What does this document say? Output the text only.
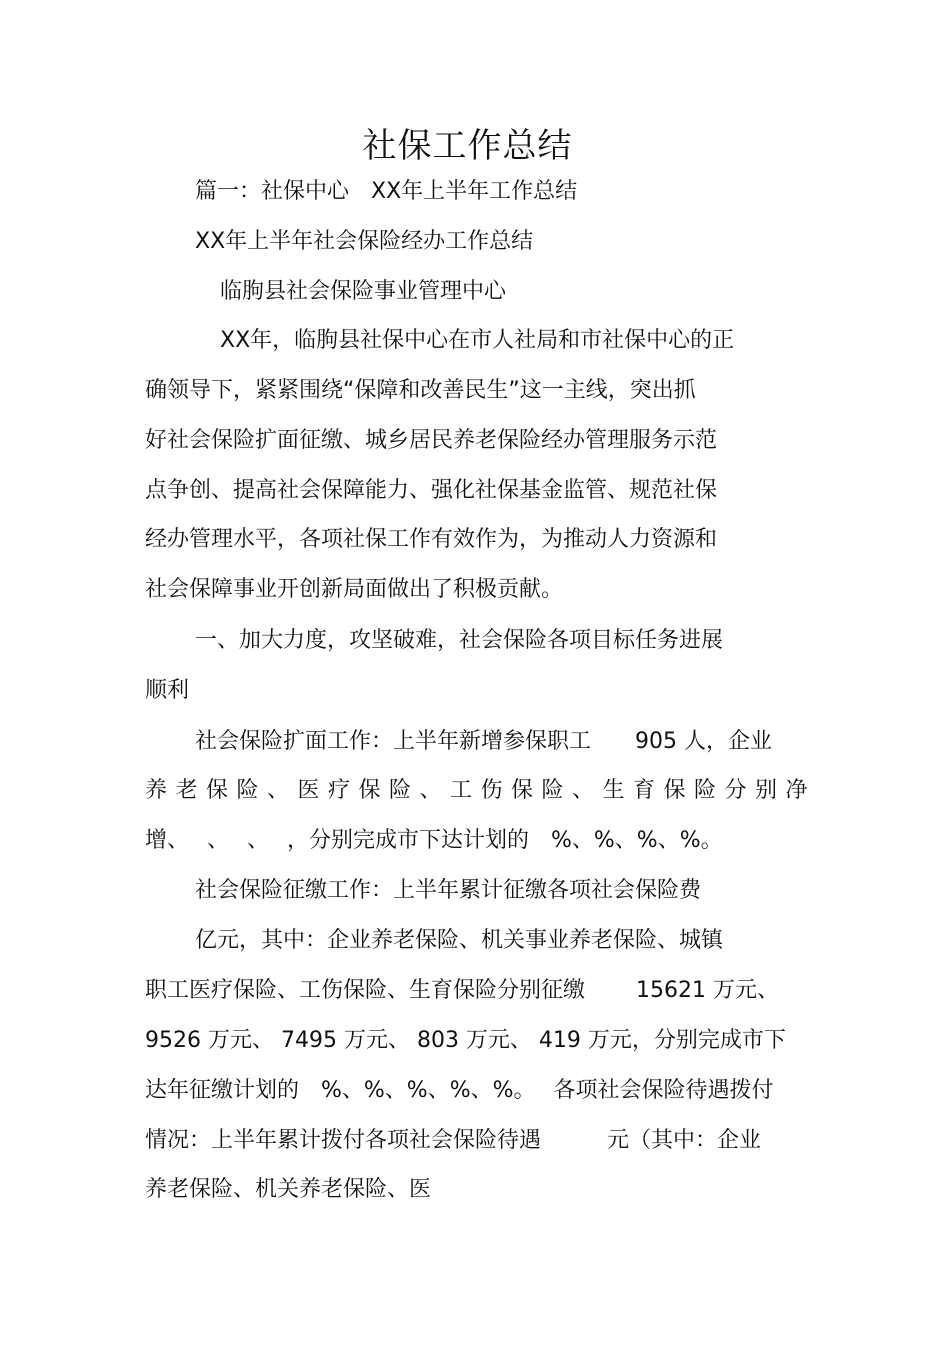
社保工作总结
篇一：社保中心　XX年上半年工作总结
XX年上半年社会保险经办工作总结
临朐县社会保险事业管理中心
XX年，临朐县社保中心在市人社局和市社保中心的正
确领导下，紧紧围绕“保障和改善民生”这一主线，突出抓
好社会保险扩面征缴、城乡居民养老保险经办管理服务示范
点争创、提高社会保障能力、强化社保基金监管、规范社保
经办管理水平，各项社保工作有效作为，为推动人力资源和
社会保障事业开创新局面做出了积极贡献。
一、加大力度，攻坚破难，社会保险各项目标任务进展
顺利
社会保险扩面工作：上半年新增参保职工　　905 人，企业
养老保险、医疗保险、工伤保险、生育保险分别净
增、　 、　 、　 ，分别完成市下达计划的　%、%、%、%。
社会保险征缴工作：上半年累计征缴各项社会保险费
亿元，其中：企业养老保险、机关事业养老保险、城镇
职工医疗保险、工伤保险、生育保险分别征缴　　 15621 万元、
9526 万元、 7495 万元、 803 万元、 419 万元，分别完成市下
达年征缴计划的　%、%、%、%、%。　 各项社会保险待遇拨付
情况：上半年累计拨付各项社会保险待遇　　　元（其中：企业
养老保险、机关养老保险、医
